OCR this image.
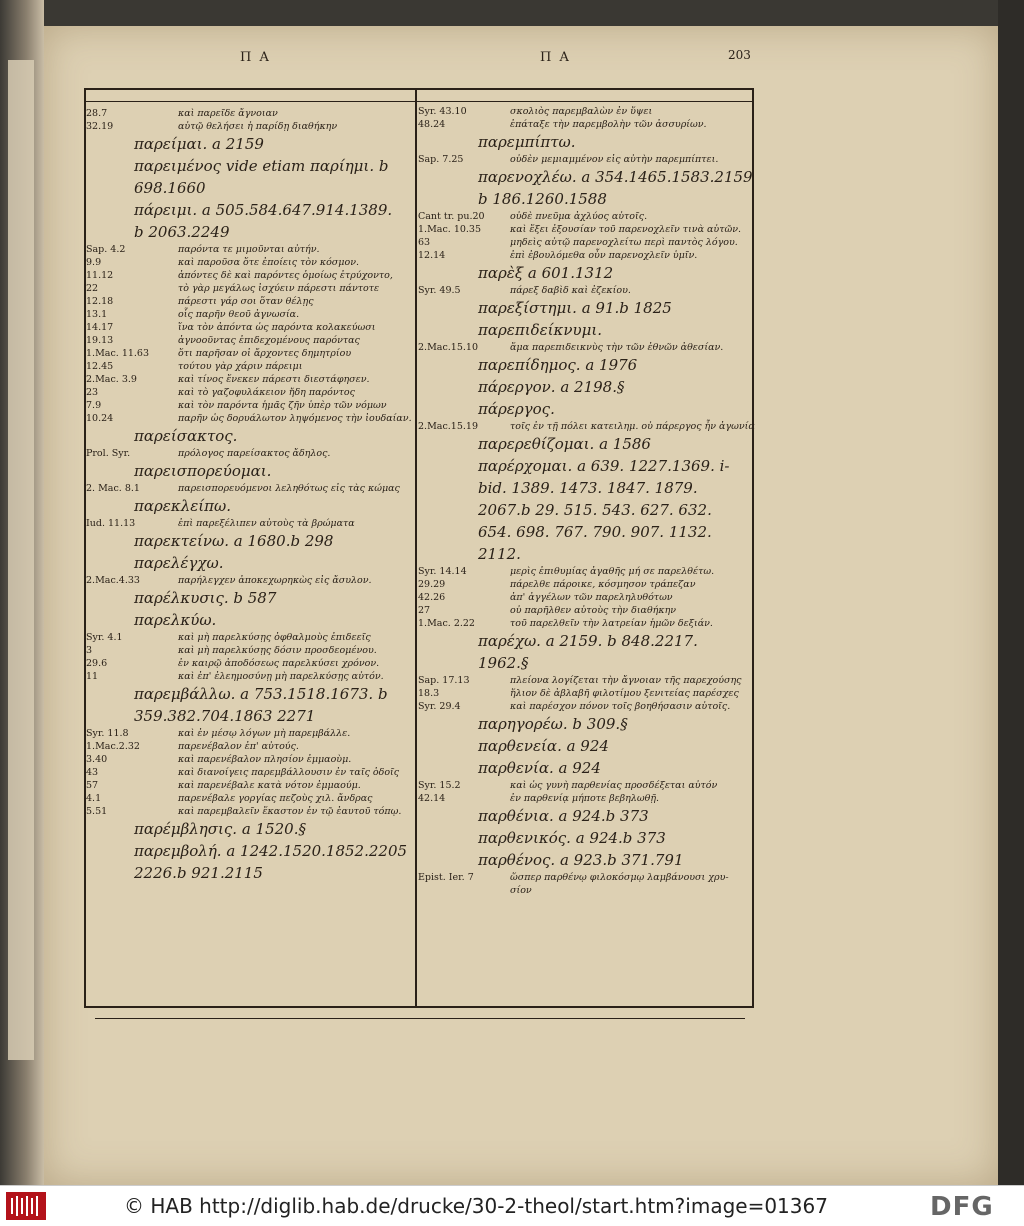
Π Α	Π Α	203
28.7	καὶ παρεῖδε ἄγνοιαν
32.19	αὐτῷ θελήσει ἡ παρίδῃ διαθήκην
παρείμαι. a 2159
παρειμένος vide etiam παρίημι. b
698.1660
πάρειμι. a 505.584.647.914.1389.
b 2063.2249
Sap. 4.2	παρόντα τε μιμοῦνται αὐτήν.
9.9	καὶ παροῦσα ὅτε ἐποίεις τὸν κόσμον.
11.12	ἀπόντες δὲ καὶ παρόντες ὁμοίως ἐτρύχοντο,
22	τὸ γὰρ μεγάλως ἰσχύειν πάρεστι πάντοτε
12.18	πάρεστι γάρ σοι ὅταν θέλῃς
13.1	οἷς παρῆν θεοῦ ἀγνωσία.
14.17	ἵνα τὸν ἀπόντα ὡς παρόντα κολακεύωσι
19.13	ἀγνοοῦντας ἐπιδεχομένους παρόντας
1.Mac. 11.63	ὅτι παρῆσαν οἱ ἄρχοντες δημητρίου
12.45	τούτου γὰρ χάριν πάρειμι
2.Mac. 3.9	καὶ τίνος ἕνεκεν πάρεστι διεστάφησεν.
23	καὶ τὸ γαζοφυλάκειον ἤδη παρόντος
7.9	καὶ τὸν παρόντα ἡμᾶς ζῆν ὑπὲρ τῶν νόμων
10.24	παρῆν ὡς δορυάλωτον ληψόμενος τὴν ἰουδαίαν.
παρείσακτος.
Prol. Syr.	πρόλογος παρείσακτος ἄδηλος.
παρεισπορεύομαι.
2. Mac. 8.1	παρεισπορευόμενοι λεληθότως εἰς τὰς κώμας
παρεκλείπω.
Iud. 11.13	ἐπὶ παρεξέλιπεν αὐτοὺς τὰ βρώματα
παρεκτείνω. a 1680.b 298
παρελέγχω.
2.Mac.4.33	παρήλεγχεν ἀποκεχωρηκὼς εἰς ἄσυλον.
παρέλκυσις. b 587
παρελκύω.
Syr. 4.1	καὶ μὴ παρελκύσῃς ὀφθαλμοὺς ἐπιδεεῖς
3	καὶ μὴ παρελκύσῃς δόσιν προσδεομένου.
29.6	ἐν καιρῷ ἀποδόσεως παρελκύσει χρόνον.
11	καὶ ἐπ' ἐλεημοσύνῃ μὴ παρελκύσῃς αὐτόν.
παρεμβάλλω. a 753.1518.1673. b
359.382.704.1863 2271
Syr. 11.8	καὶ ἐν μέσῳ λόγων μὴ παρεμβάλλε.
1.Mac.2.32	παρενέβαλον ἐπ' αὐτούς.
3.40	καὶ παρενέβαλον πλησίον ἐμμαοὺμ.
43	καὶ διανοίγεις παρεμβάλλουσιν ἐν ταῖς ὁδοῖς
57	καὶ παρενέβαλε κατὰ νότον ἐμμαούμ.
4.1	παρενέβαλε γοργίας πεζοὺς χιλ. ἄνδρας
5.51	καὶ παρεμβαλεῖν ἕκαστον ἐν τῷ ἑαυτοῦ τόπῳ.
παρέμβλησις. a 1520.§
παρεμβολή. a 1242.1520.1852.2205
2226.b 921.2115
Syr. 43.10	σκολιὸς παρεμβαλὼν ἐν ὕψει
48.24	ἐπάταξε τὴν παρεμβολὴν τῶν ἀσσυρίων.
παρεμπίπτω.
Sap. 7.25	οὐδὲν μεμιαμμένον εἰς αὐτὴν παρεμπίπτει.
παρενοχλέω. a 354.1465.1583.2159
b 186.1260.1588
Cant tr. pu.20	οὐδὲ πνεῦμα ἀχλύος αὐτοῖς.
1.Mac. 10.35	καὶ ἕξει ἐξουσίαν τοῦ παρενοχλεῖν τινὰ αὐτῶν.
63	μηδεὶς αὐτῷ παρενοχλείτω περὶ παντὸς λόγου.
12.14	ἐπὶ ἐβουλόμεθα οὖν παρενοχλεῖν ὑμῖν.
παρὲξ a 601.1312
Syr. 49.5	πάρεξ δαβὶδ καὶ ἐζεκίου.
παρεξίστημι. a 91.b 1825
παρεπιδείκνυμι.
2.Mac.15.10	ἅμα παρεπιδεικνὺς τὴν τῶν ἐθνῶν ἀθεσίαν.
παρεπίδημος. a 1976
πάρεργον. a 2198.§
πάρεργος.
2.Mac.15.19	τοῖς ἐν τῇ πόλει κατειλημ. οὐ πάρεργος ἦν ἀγωνία
παρερεθίζομαι. a 1586
παρέρχομαι. a 639. 1227.1369. i-
bid. 1389. 1473. 1847. 1879.
2067.b 29. 515. 543. 627. 632.
654. 698. 767. 790. 907. 1132.
2112.
Syr. 14.14	μερὶς ἐπιθυμίας ἀγαθῆς μή σε παρελθέτω.
29.29	πάρελθε πάροικε, κόσμησον τράπεζαν
42.26	ἀπ' ἀγγέλων τῶν παρεληλυθότων
27	οὐ παρῆλθεν αὐτοὺς τὴν διαθήκην
1.Mac. 2.22	τοῦ παρελθεῖν τὴν λατρείαν ἡμῶν δεξιάν.
παρέχω. a 2159. b 848.2217.
1962.§
Sap. 17.13	πλείονα λογίζεται τὴν ἄγνοιαν τῆς παρεχούσης
18.3	ἥλιον δὲ ἀβλαβῆ φιλοτίμου ξενιτείας παρέσχες
Syr. 29.4	καὶ παρέσχον πόνον τοῖς βοηθήσασιν αὐτοῖς.
παρηγορέω. b 309.§
παρθενεία. a 924
παρθενία. a 924
Syr. 15.2	καὶ ὡς γυνὴ παρθενίας προσδέξεται αὐτόν
42.14	ἐν παρθενίᾳ μήποτε βεβηλωθῇ.
παρθένια. a 924.b 373
παρθενικός. a 924.b 373
παρθένος. a 923.b 371.791
Epist. Ier. 7	ὥσπερ παρθένῳ φιλοκόσμῳ λαμβάνουσι χρυ-
σίον
© HAB http://diglib.hab.de/drucke/30-2-theol/start.htm?image=01367	DFG
